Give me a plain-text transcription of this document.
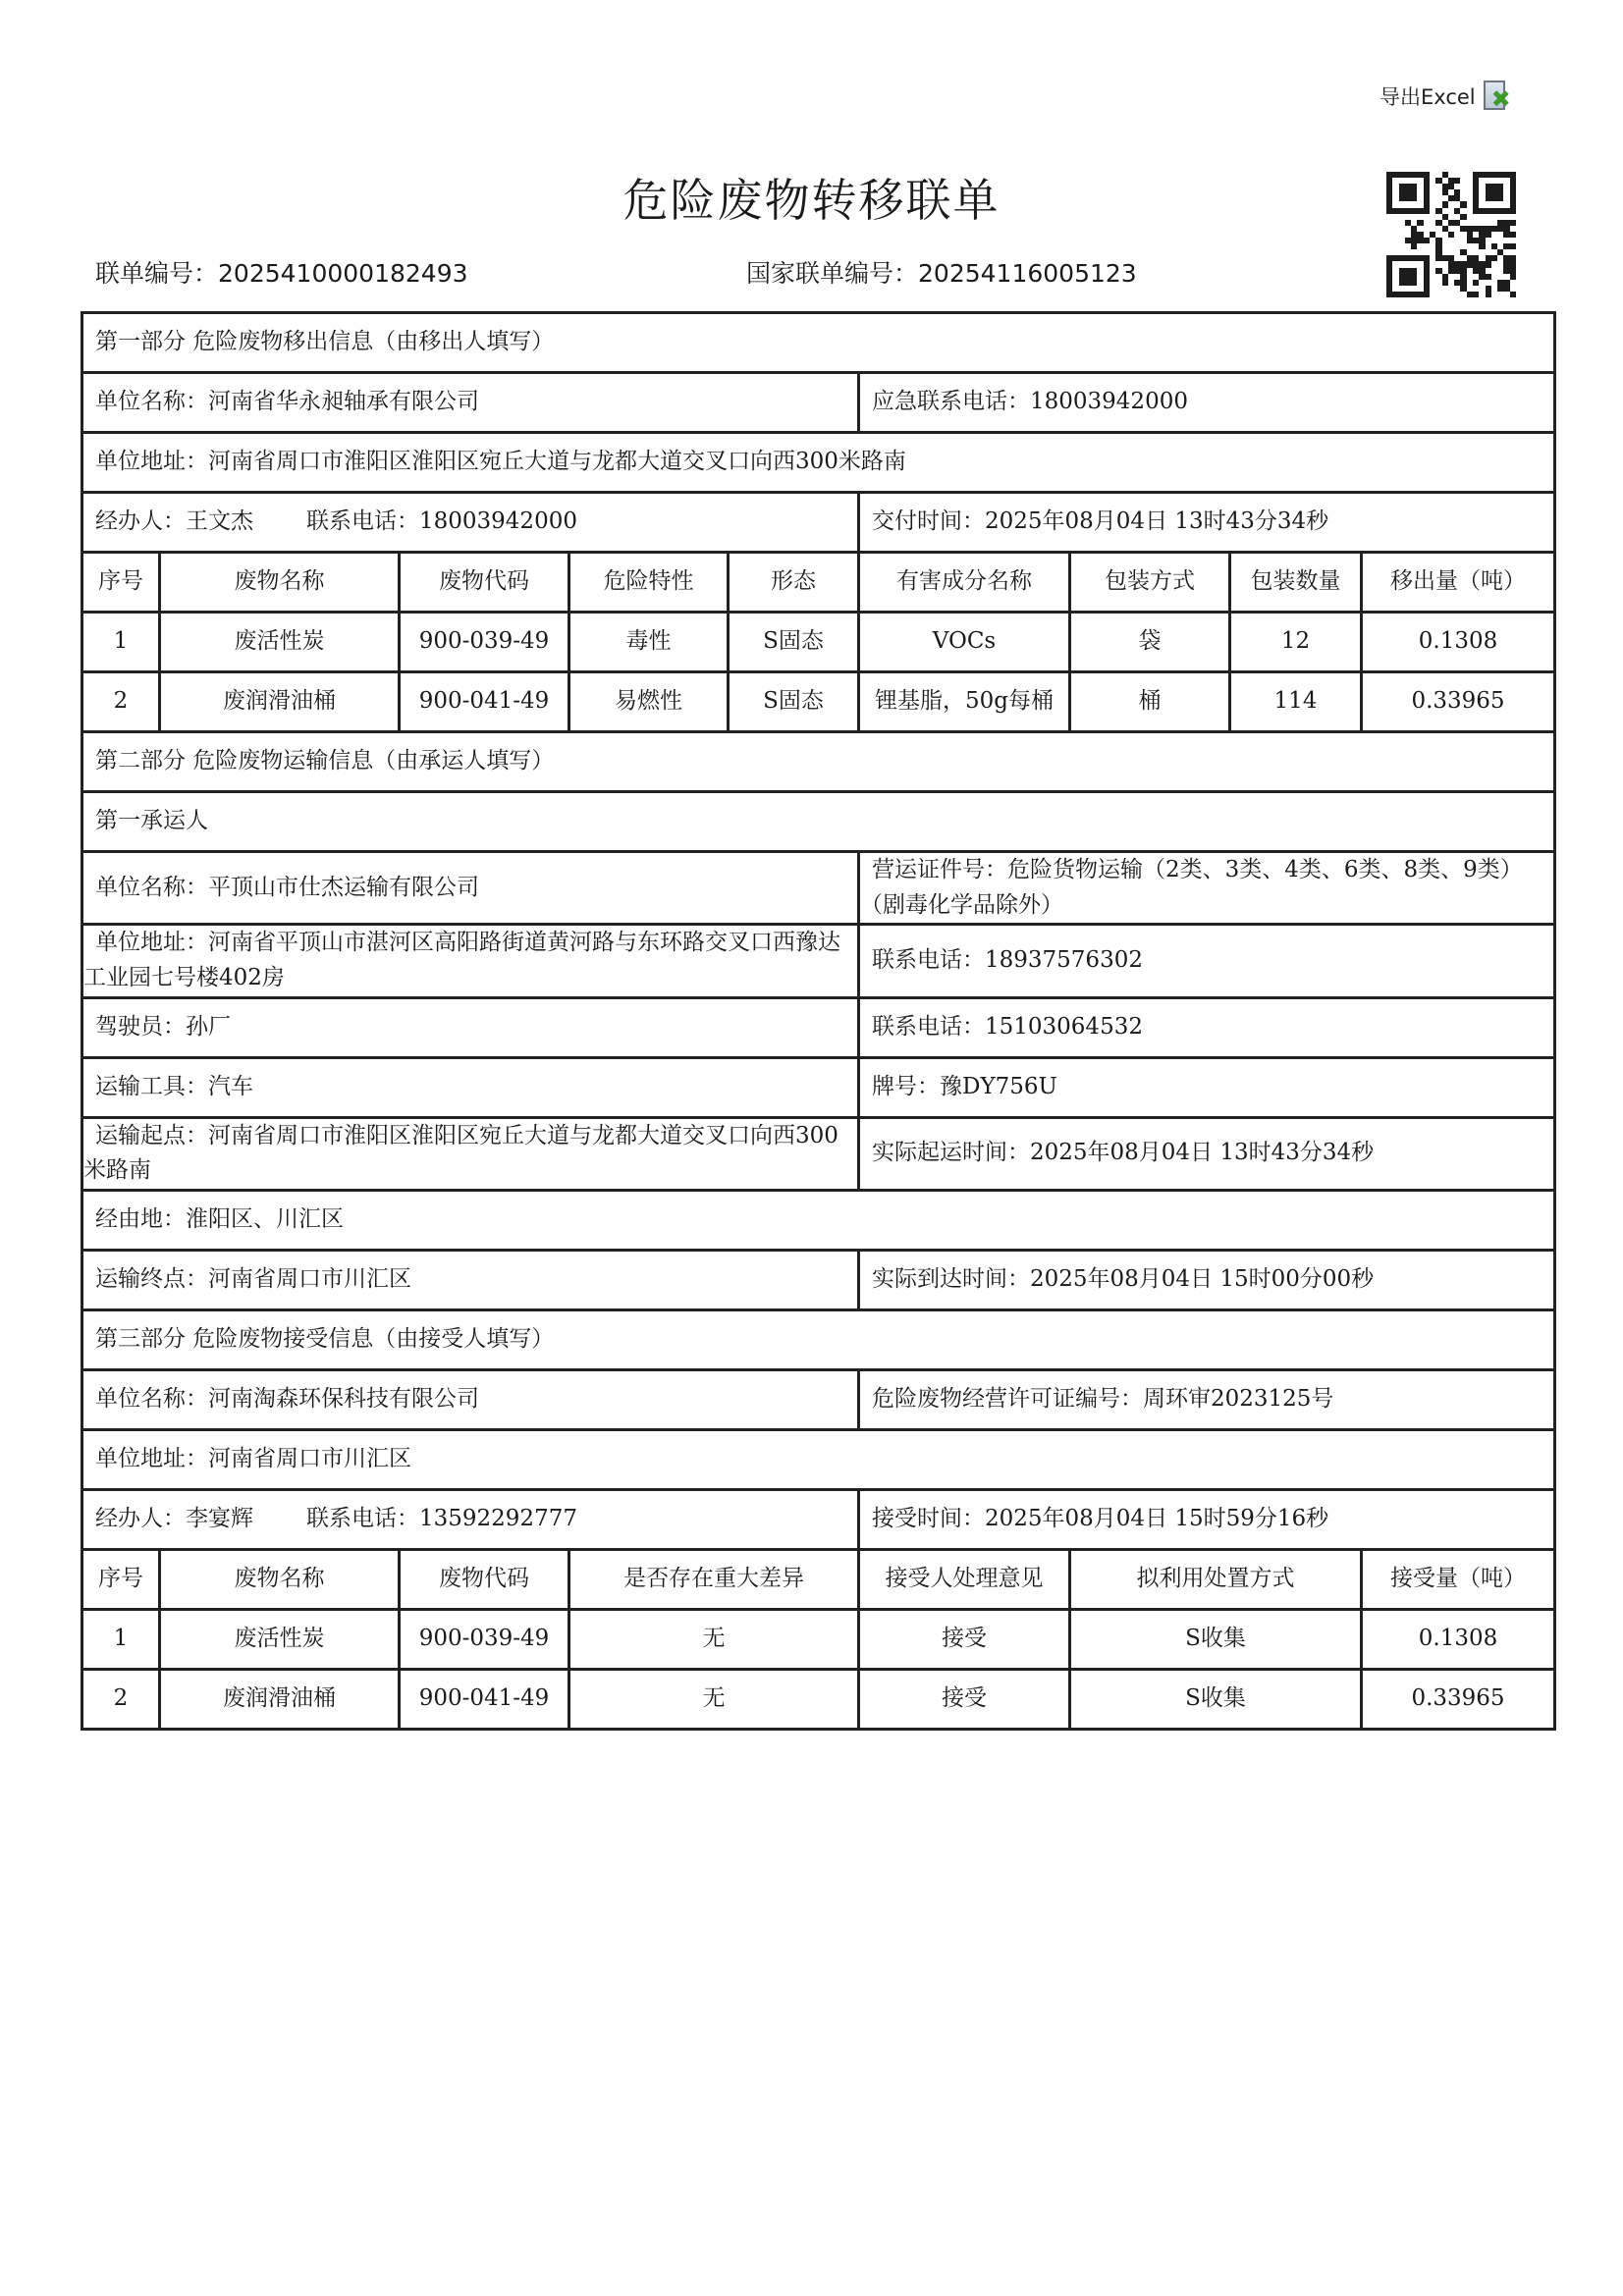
导出Excel ✖
危险废物转移联单
联单编号：2025410000182493	国家联单编号：20254116005123
第一部分 危险废物移出信息（由移出人填写）								
单位名称：河南省华永昶轴承有限公司					应急联系电话：18003942000			
单位地址：河南省周口市淮阳区淮阳区宛丘大道与龙都大道交叉口向西300米路南								
经办人：王文杰 联系电话：18003942000					交付时间：2025年08月04日 13时43分34秒			
序号	废物名称	废物代码	危险特性	形态	有害成分名称	包装方式	包装数量	移出量（吨）
1	废活性炭	900-039-49	毒性	S固态	VOCs	袋	12	0.1308
2	废润滑油桶	900-041-49	易燃性	S固态	锂基脂，50g每桶	桶	114	0.33965
第二部分 危险废物运输信息（由承运人填写）								
第一承运人								
单位名称：平顶山市仕杰运输有限公司					营运证件号：危险货物运输（2类、3类、4类、6类、8类、9类）（剧毒化学品除外）			
单位地址：河南省平顶山市湛河区高阳路街道黄河路与东环路交叉口西豫达工业园七号楼402房					联系电话：18937576302			
驾驶员：孙厂					联系电话：15103064532			
运输工具：汽车					牌号：豫DY756U			
运输起点：河南省周口市淮阳区淮阳区宛丘大道与龙都大道交叉口向西300米路南					实际起运时间：2025年08月04日 13时43分34秒			
经由地：淮阳区、川汇区								
运输终点：河南省周口市川汇区					实际到达时间：2025年08月04日 15时00分00秒			
第三部分 危险废物接受信息（由接受人填写）								
单位名称：河南淘森环保科技有限公司					危险废物经营许可证编号：周环审2023125号			
单位地址：河南省周口市川汇区								
经办人：李宴辉 联系电话：13592292777					接受时间：2025年08月04日 15时59分16秒			
序号	废物名称	废物代码	是否存在重大差异		接受人处理意见	拟利用处置方式		接受量（吨）
1	废活性炭	900-039-49	无		接受	S收集		0.1308
2	废润滑油桶	900-041-49	无		接受	S收集		0.33965
